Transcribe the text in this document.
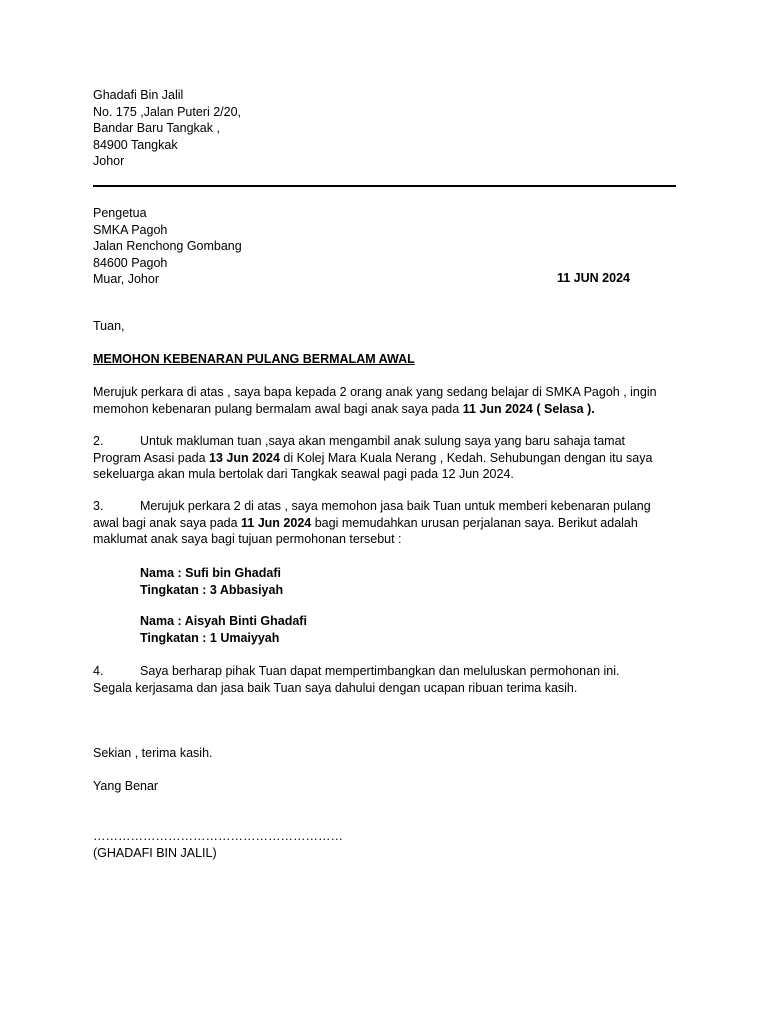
Ghadafi Bin Jalil
No. 175 ,Jalan Puteri 2/20,
Bandar Baru Tangkak ,
84900 Tangkak
Johor
Pengetua
SMKA Pagoh
Jalan Renchong Gombang
84600 Pagoh
Muar, Johor	11 JUN 2024
Tuan,
MEMOHON KEBENARAN PULANG BERMALAM AWAL
Merujuk perkara di atas , saya bapa kepada 2 orang anak yang sedang belajar di SMKA Pagoh , ingin
memohon kebenaran pulang bermalam awal bagi anak saya pada 11 Jun 2024 ( Selasa ).
2.	Untuk makluman tuan ,saya akan mengambil anak sulung saya yang baru sahaja tamat
Program Asasi pada 13 Jun 2024 di Kolej Mara Kuala Nerang , Kedah. Sehubungan dengan itu saya
sekeluarga akan mula bertolak dari Tangkak seawal pagi pada 12 Jun 2024.
3.	Merujuk perkara 2 di atas , saya memohon jasa baik Tuan untuk memberi kebenaran pulang
awal bagi anak saya pada 11 Jun 2024 bagi memudahkan urusan perjalanan saya. Berikut adalah
maklumat anak saya bagi tujuan permohonan tersebut :
Nama : Sufi bin Ghadafi
Tingkatan : 3 Abbasiyah
Nama : Aisyah Binti Ghadafi
Tingkatan : 1 Umaiyyah
4.	Saya berharap pihak Tuan dapat mempertimbangkan dan meluluskan permohonan ini.
Segala kerjasama dan jasa baik Tuan saya dahului dengan ucapan ribuan terima kasih.
Sekian , terima kasih.
Yang Benar
……………………………………………………
(GHADAFI BIN JALIL)
